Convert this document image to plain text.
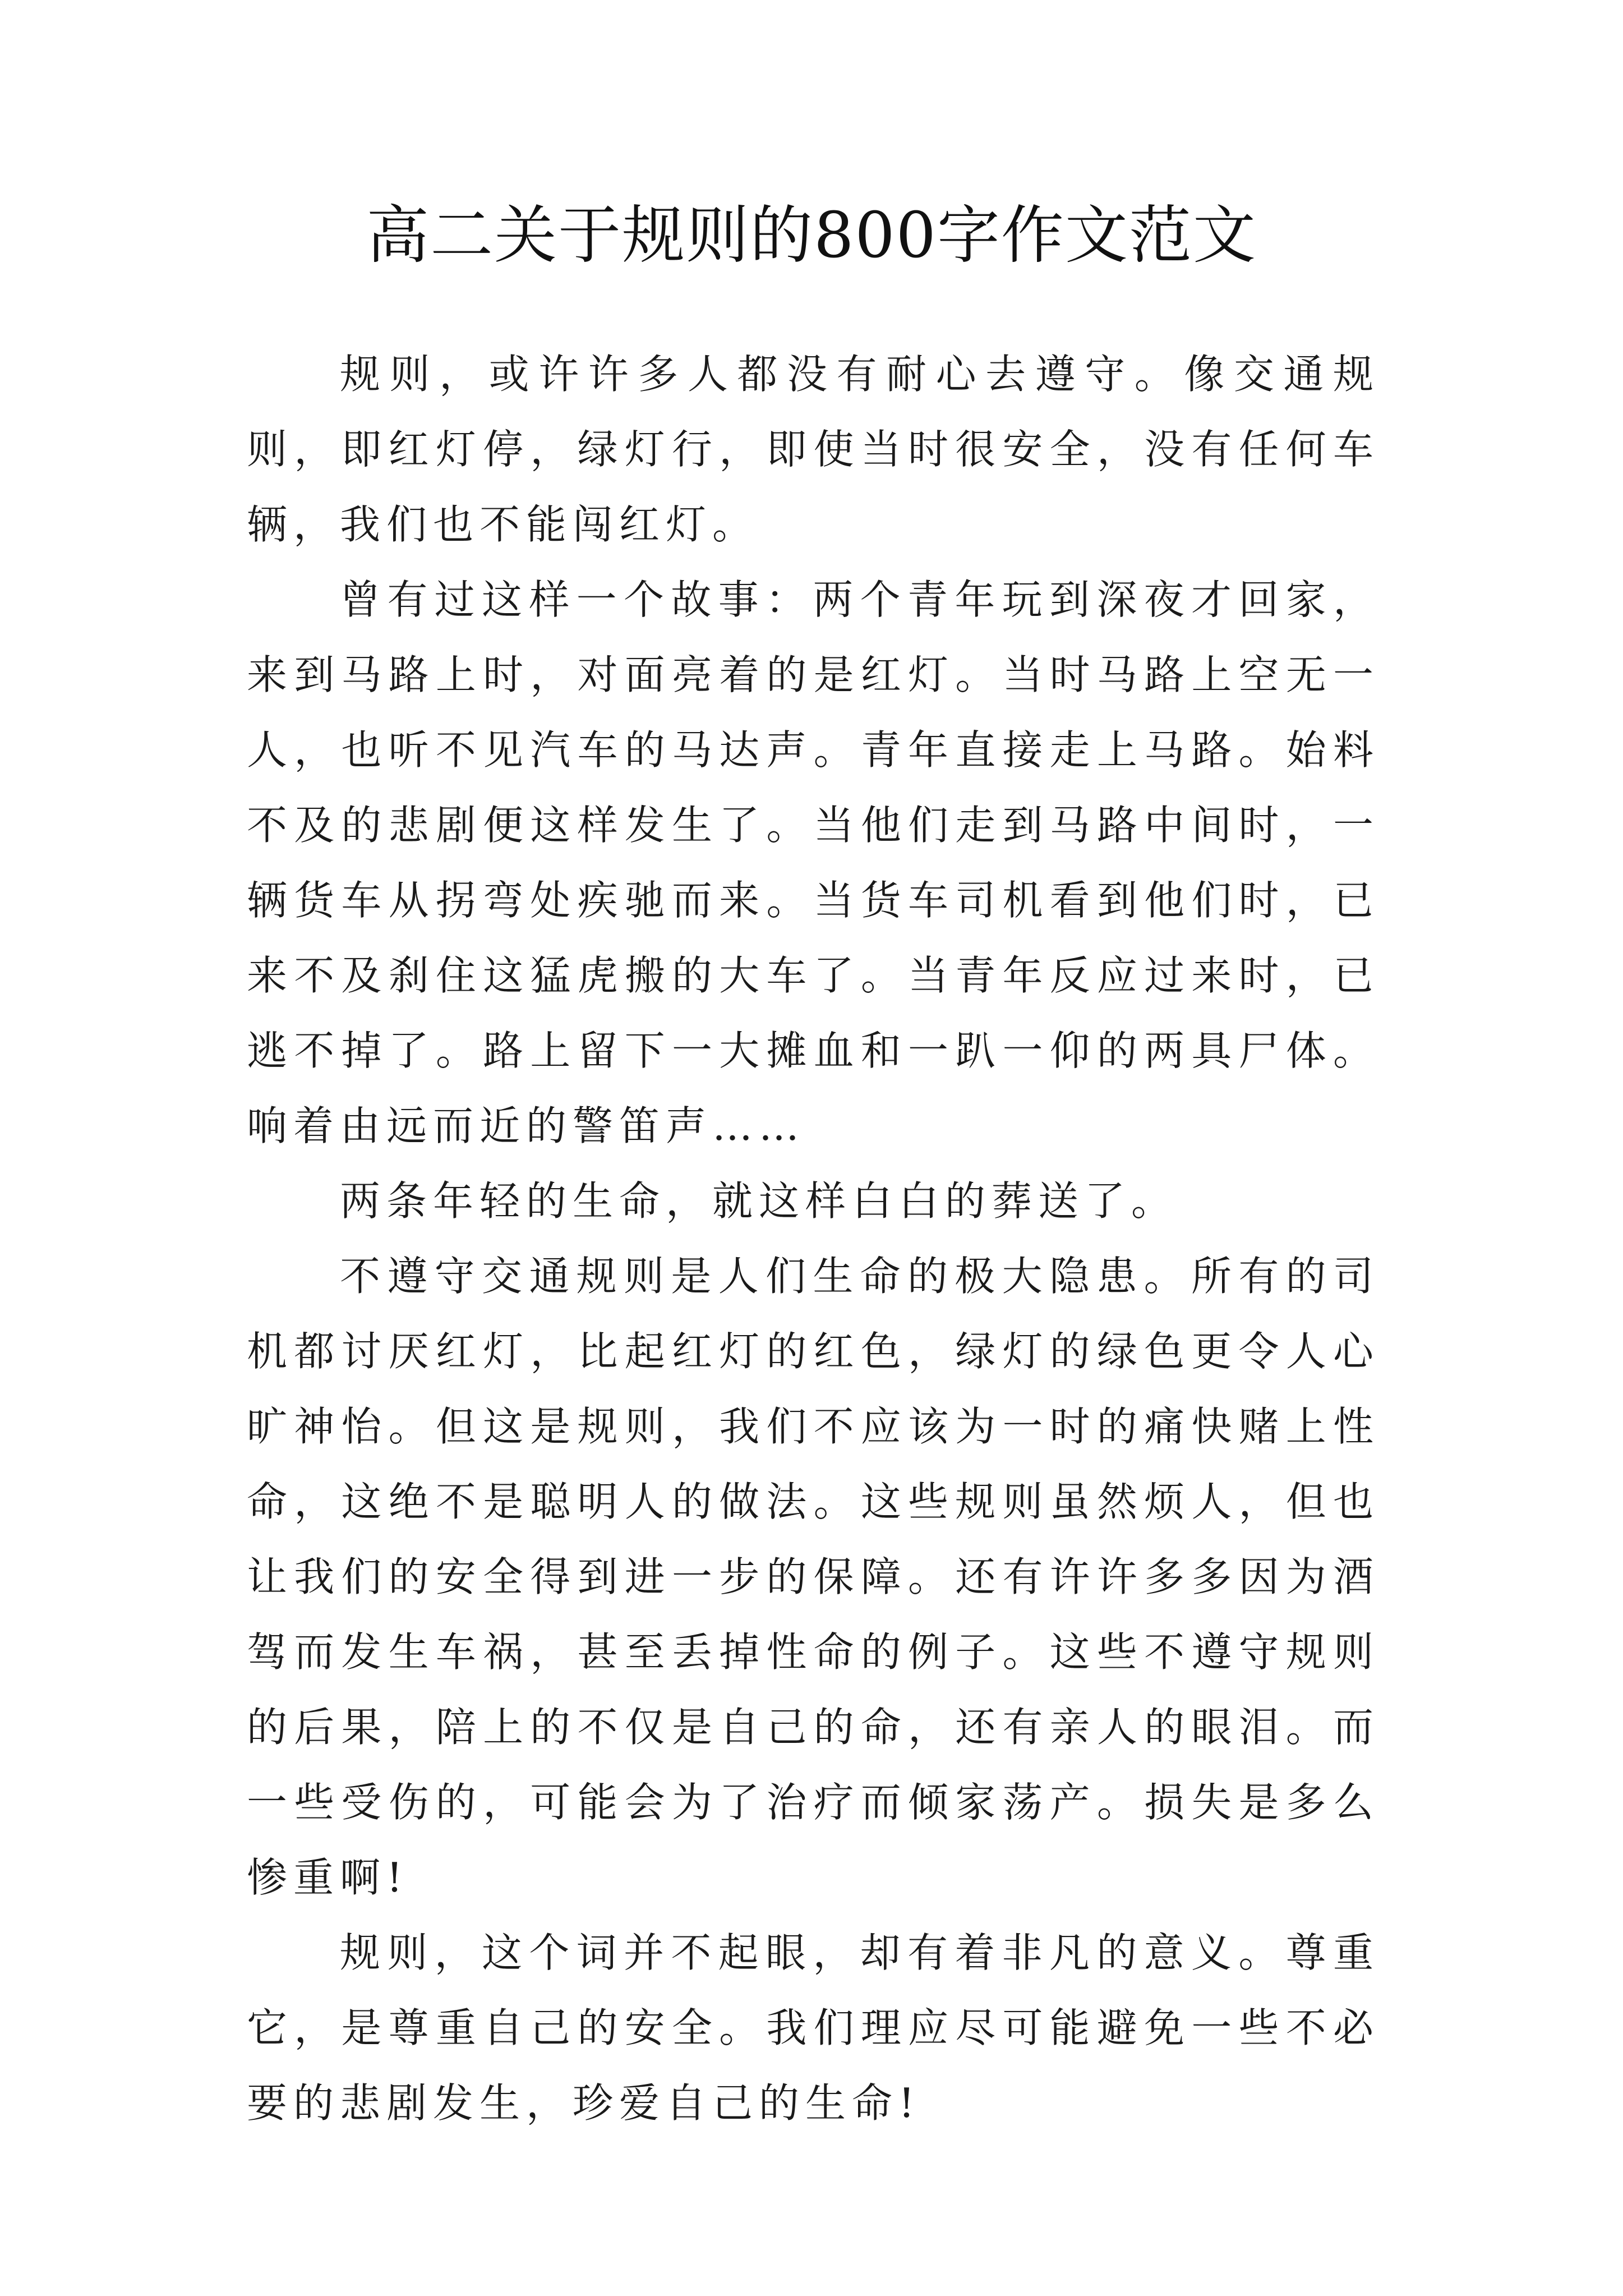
高二关于规则的800字作文范文

规则，或许许多人都没有耐心去遵守。像交通规则，即红灯停，绿灯行，即使当时很安全，没有任何车辆，我们也不能闯红灯。

曾有过这样一个故事：两个青年玩到深夜才回家，来到马路上时，对面亮着的是红灯。当时马路上空无一人，也听不见汽车的马达声。青年直接走上马路。始料不及的悲剧便这样发生了。当他们走到马路中间时，一辆货车从拐弯处疾驰而来。当货车司机看到他们时，已来不及刹住这猛虎搬的大车了。当青年反应过来时，已逃不掉了。路上留下一大摊血和一趴一仰的两具尸体。响着由远而近的警笛声……

两条年轻的生命，就这样白白的葬送了。

不遵守交通规则是人们生命的极大隐患。所有的司机都讨厌红灯，比起红灯的红色，绿灯的绿色更令人心旷神怡。但这是规则，我们不应该为一时的痛快赌上性命，这绝不是聪明人的做法。这些规则虽然烦人，但也让我们的安全得到进一步的保障。还有许许多多因为酒驾而发生车祸，甚至丢掉性命的例子。这些不遵守规则的后果，陪上的不仅是自己的命，还有亲人的眼泪。而一些受伤的，可能会为了治疗而倾家荡产。损失是多么惨重啊!

规则，这个词并不起眼，却有着非凡的意义。尊重它，是尊重自己的安全。我们理应尽可能避免一些不必要的悲剧发生，珍爱自己的生命!
